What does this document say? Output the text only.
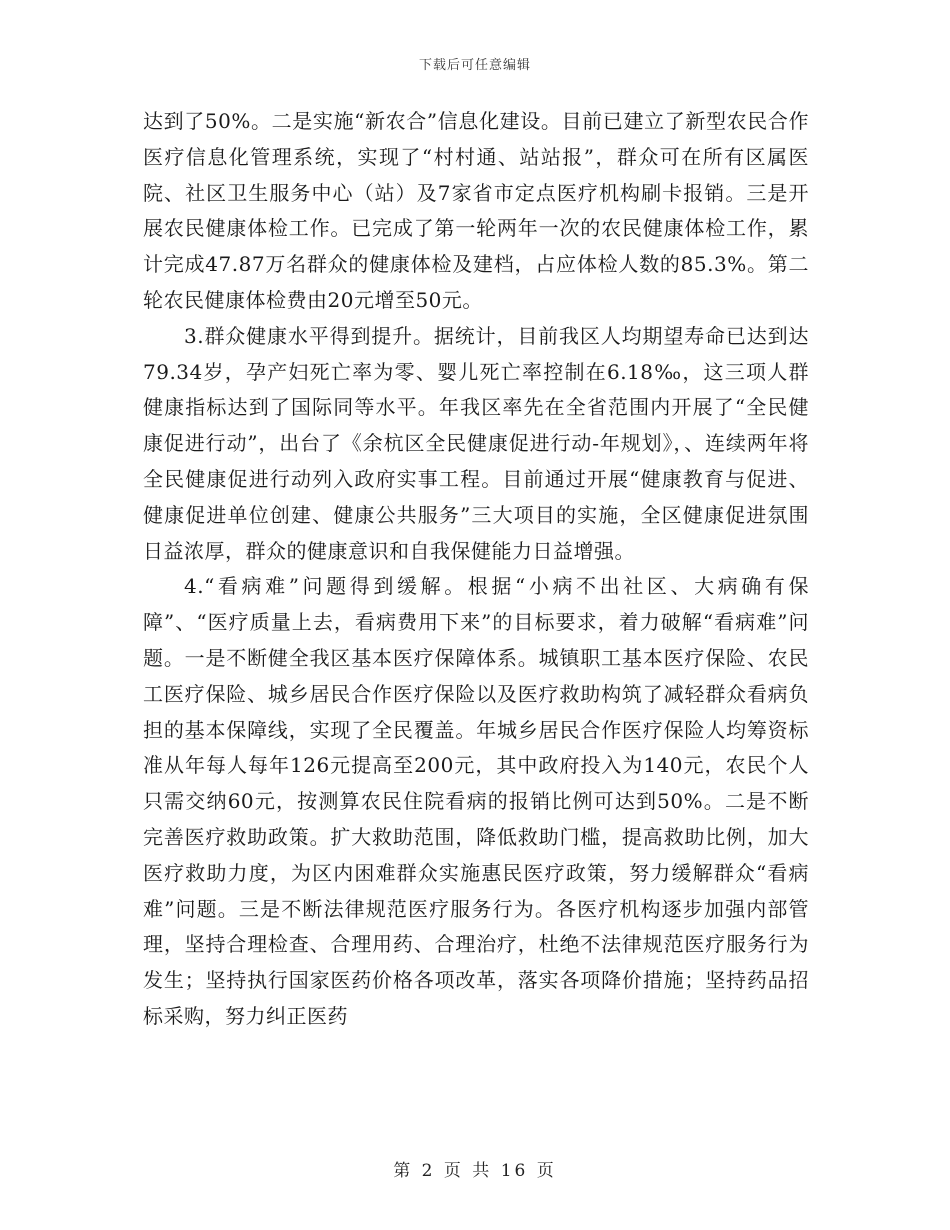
下载后可任意编辑

达到了50%。二是实施“新农合”信息化建设。目前已建立了新型农民合作医疗信息化管理系统，实现了“村村通、站站报”，群众可在所有区属医院、社区卫生服务中心（站）及7家省市定点医疗机构刷卡报销。三是开展农民健康体检工作。已完成了第一轮两年一次的农民健康体检工作，累计完成47.87万名群众的健康体检及建档，占应体检人数的85.3%。第二轮农民健康体检费由20元增至50元。

3.群众健康水平得到提升。据统计，目前我区人均期望寿命已达到达79.34岁，孕产妇死亡率为零、婴儿死亡率控制在6.18‰，这三项人群健康指标达到了国际同等水平。年我区率先在全省范围内开展了“全民健康促进行动”，出台了《余杭区全民健康促进行动-年规划》，、连续两年将全民健康促进行动列入政府实事工程。目前通过开展“健康教育与促进、健康促进单位创建、健康公共服务”三大项目的实施，全区健康促进氛围日益浓厚，群众的健康意识和自我保健能力日益增强。

4.“看病难”问题得到缓解。根据“小病不出社区、大病确有保障”、“医疗质量上去，看病费用下来”的目标要求，着力破解“看病难”问题。一是不断健全我区基本医疗保障体系。城镇职工基本医疗保险、农民工医疗保险、城乡居民合作医疗保险以及医疗救助构筑了减轻群众看病负担的基本保障线，实现了全民覆盖。年城乡居民合作医疗保险人均筹资标准从年每人每年126元提高至200元，其中政府投入为140元，农民个人只需交纳60元，按测算农民住院看病的报销比例可达到50%。二是不断完善医疗救助政策。扩大救助范围，降低救助门槛，提高救助比例，加大医疗救助力度，为区内困难群众实施惠民医疗政策，努力缓解群众“看病难”问题。三是不断法律规范医疗服务行为。各医疗机构逐步加强内部管理，坚持合理检查、合理用药、合理治疗，杜绝不法律规范医疗服务行为发生；坚持执行国家医药价格各项改革，落实各项降价措施；坚持药品招标采购，努力纠正医药

第 2 页 共 16 页
